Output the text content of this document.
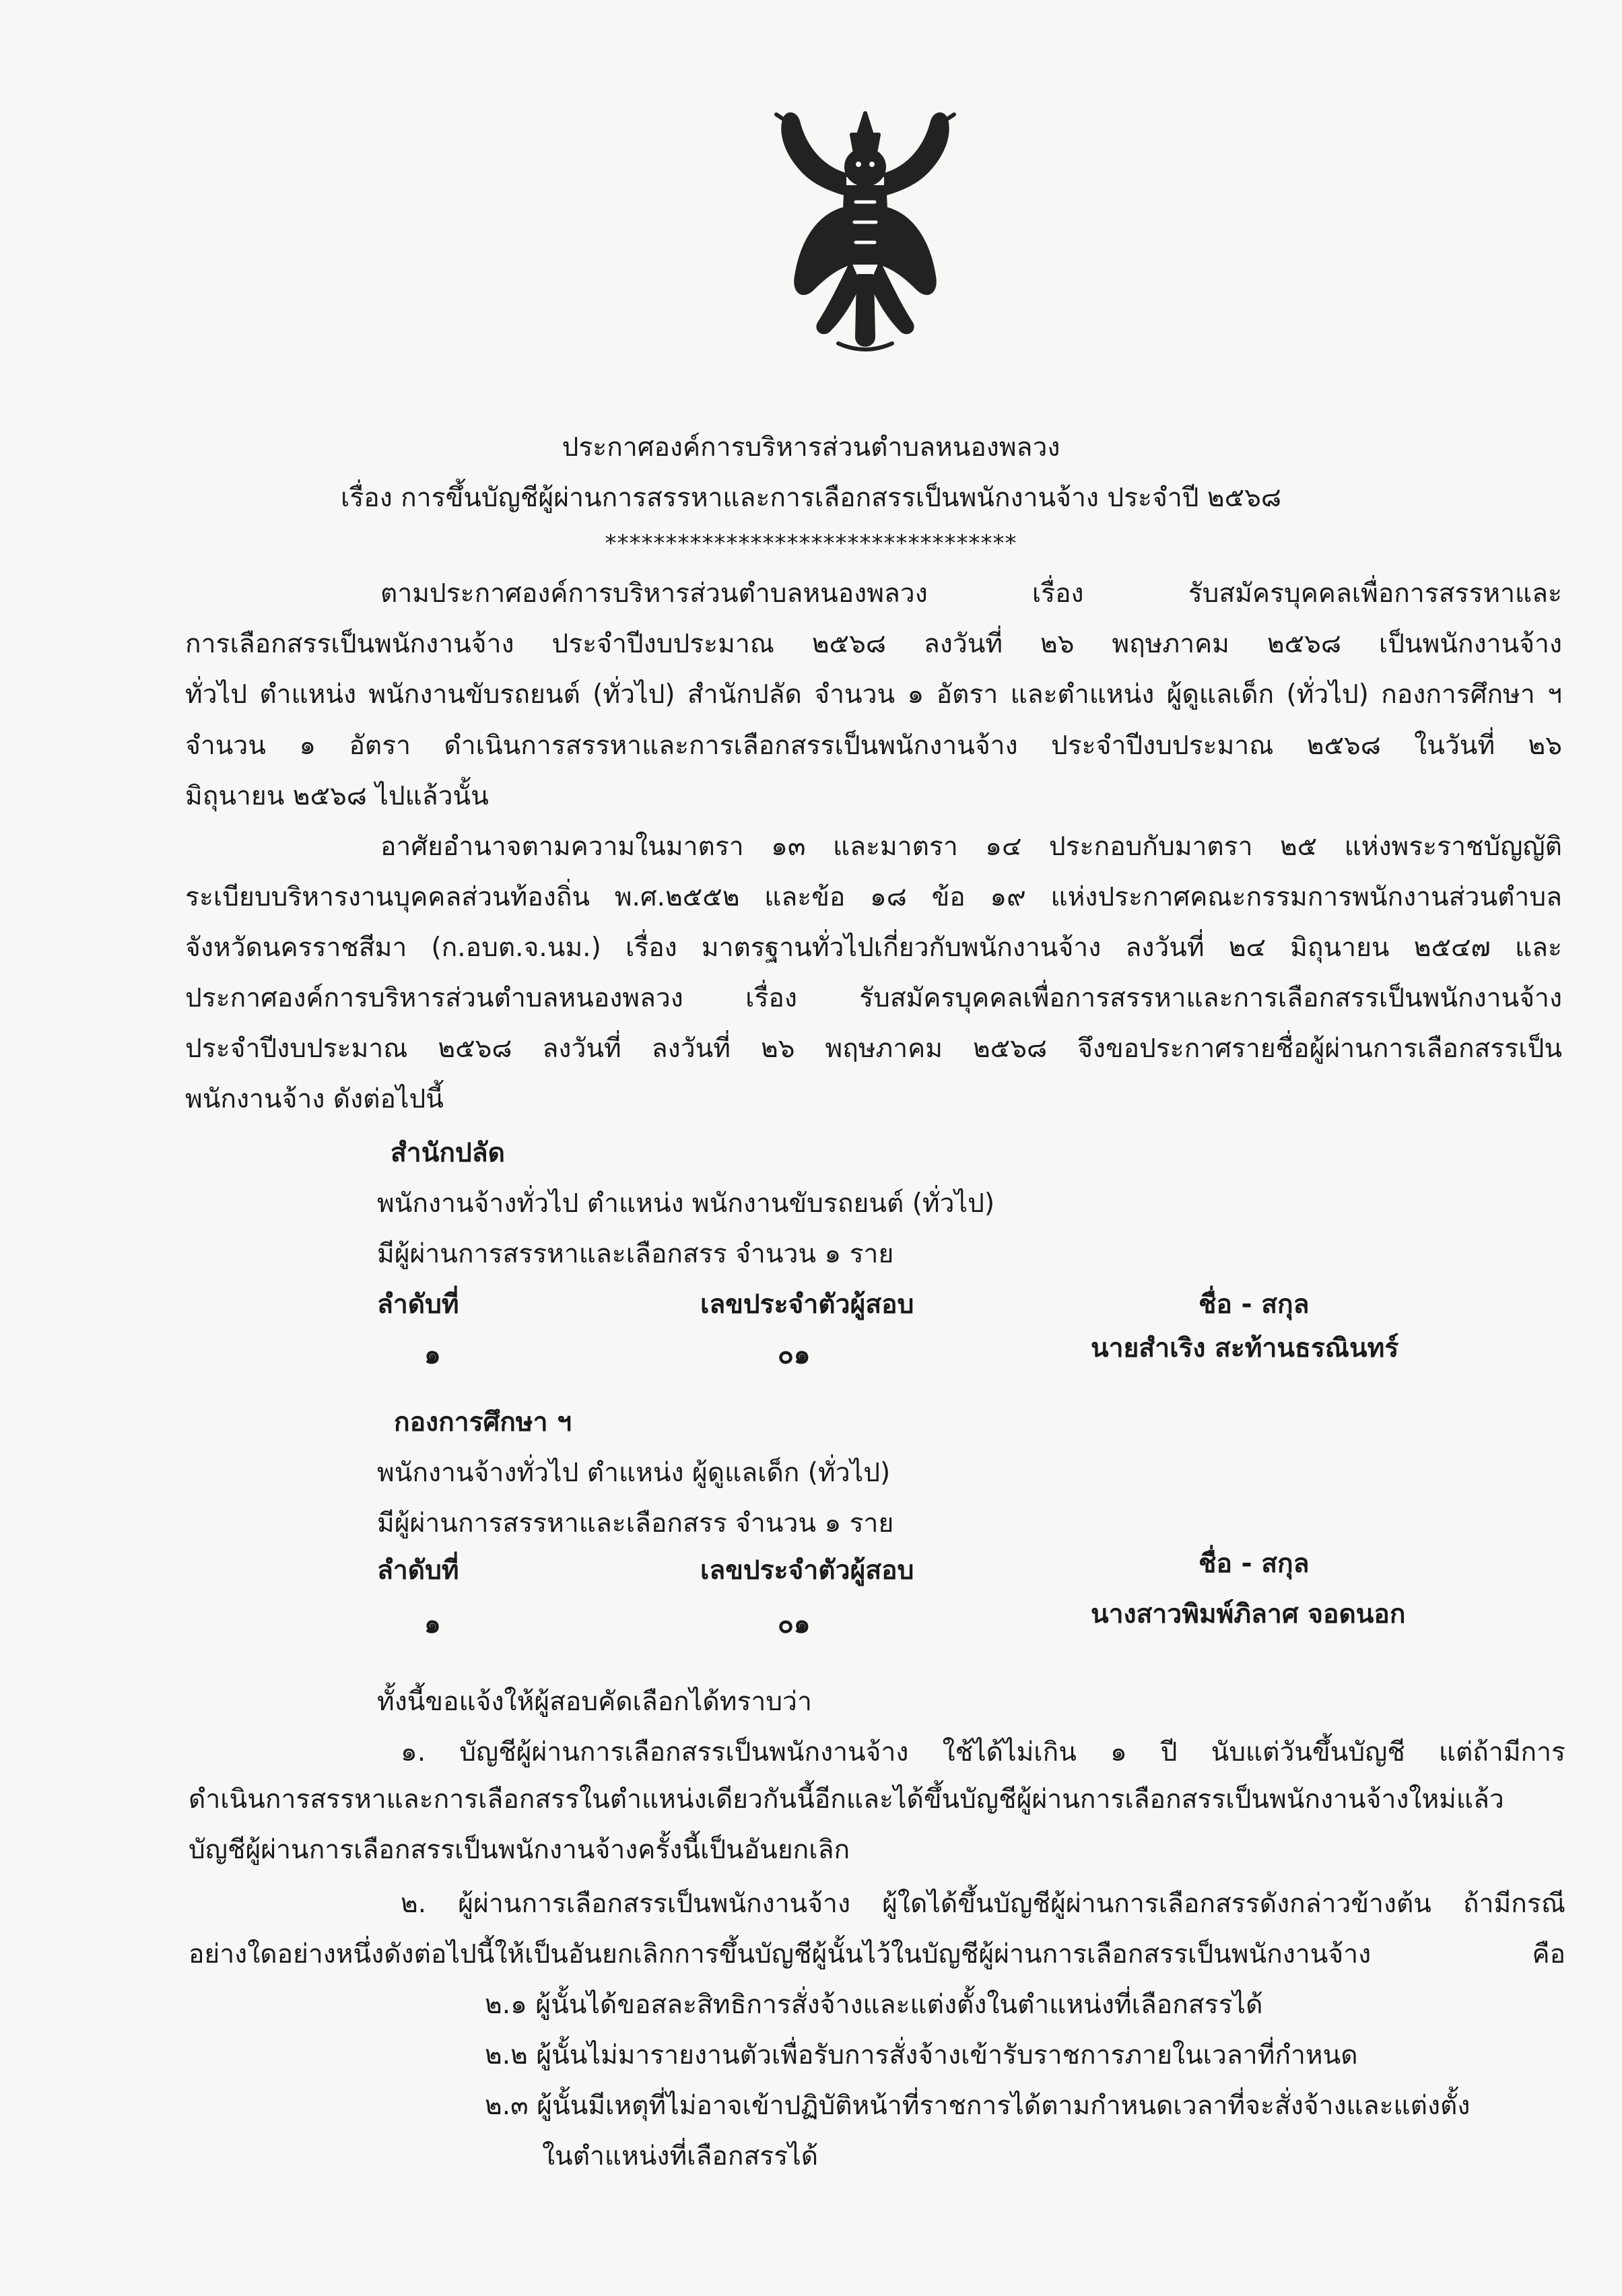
ประกาศองค์การบริหารส่วนตำบลหนองพลวง
เรื่อง การขึ้นบัญชีผู้ผ่านการสรรหาและการเลือกสรรเป็นพนักงานจ้าง ประจำปี ๒๕๖๘
**********************************
ตามประกาศองค์การบริหารส่วนตำบลหนองพลวง เรื่อง รับสมัครบุคคลเพื่อการสรรหาและ
การเลือกสรรเป็นพนักงานจ้าง ประจำปีงบประมาณ ๒๕๖๘ ลงวันที่ ๒๖ พฤษภาคม ๒๕๖๘ เป็นพนักงานจ้าง
ทั่วไป ตำแหน่ง พนักงานขับรถยนต์ (ทั่วไป) สำนักปลัด จำนวน ๑ อัตรา และตำแหน่ง ผู้ดูแลเด็ก (ทั่วไป) กองการศึกษา ฯ
จำนวน ๑ อัตรา ดำเนินการสรรหาและการเลือกสรรเป็นพนักงานจ้าง ประจำปีงบประมาณ ๒๕๖๘ ในวันที่ ๒๖
มิถุนายน ๒๕๖๘ ไปแล้วนั้น
อาศัยอำนาจตามความในมาตรา ๑๓ และมาตรา ๑๔ ประกอบกับมาตรา ๒๕ แห่งพระราชบัญญัติ
ระเบียบบริหารงานบุคคลส่วนท้องถิ่น พ.ศ.๒๕๕๒ และข้อ ๑๘ ข้อ ๑๙ แห่งประกาศคณะกรรมการพนักงานส่วนตำบล
จังหวัดนครราชสีมา (ก.อบต.จ.นม.) เรื่อง มาตรฐานทั่วไปเกี่ยวกับพนักงานจ้าง ลงวันที่ ๒๔ มิถุนายน ๒๕๔๗ และ
ประกาศองค์การบริหารส่วนตำบลหนองพลวง เรื่อง รับสมัครบุคคลเพื่อการสรรหาและการเลือกสรรเป็นพนักงานจ้าง
ประจำปีงบประมาณ ๒๕๖๘ ลงวันที่ ลงวันที่ ๒๖ พฤษภาคม ๒๕๖๘ จึงขอประกาศรายชื่อผู้ผ่านการเลือกสรรเป็น
พนักงานจ้าง ดังต่อไปนี้
สำนักปลัด
พนักงานจ้างทั่วไป ตำแหน่ง พนักงานขับรถยนต์ (ทั่วไป)
มีผู้ผ่านการสรรหาและเลือกสรร จำนวน ๑ ราย
ลำดับที่	เลขประจำตัวผู้สอบ	ชื่อ - สกุล
๑	๐๑	นายสำเริง สะท้านธรณินทร์
กองการศึกษา ฯ
พนักงานจ้างทั่วไป ตำแหน่ง ผู้ดูแลเด็ก (ทั่วไป)
มีผู้ผ่านการสรรหาและเลือกสรร จำนวน ๑ ราย
ลำดับที่	เลขประจำตัวผู้สอบ	ชื่อ - สกุล
๑	๐๑	นางสาวพิมพ์ภิลาศ จอดนอก
ทั้งนี้ขอแจ้งให้ผู้สอบคัดเลือกได้ทราบว่า
๑. บัญชีผู้ผ่านการเลือกสรรเป็นพนักงานจ้าง ใช้ได้ไม่เกิน ๑ ปี นับแต่วันขึ้นบัญชี แต่ถ้ามีการ
ดำเนินการสรรหาและการเลือกสรรในตำแหน่งเดียวกันนี้อีกและได้ขึ้นบัญชีผู้ผ่านการเลือกสรรเป็นพนักงานจ้างใหม่แล้ว
บัญชีผู้ผ่านการเลือกสรรเป็นพนักงานจ้างครั้งนี้เป็นอันยกเลิก
๒. ผู้ผ่านการเลือกสรรเป็นพนักงานจ้าง ผู้ใดได้ขึ้นบัญชีผู้ผ่านการเลือกสรรดังกล่าวข้างต้น ถ้ามีกรณี
อย่างใดอย่างหนึ่งดังต่อไปนี้ให้เป็นอันยกเลิกการขึ้นบัญชีผู้นั้นไว้ในบัญชีผู้ผ่านการเลือกสรรเป็นพนักงานจ้าง คือ
๒.๑ ผู้นั้นได้ขอสละสิทธิการสั่งจ้างและแต่งตั้งในตำแหน่งที่เลือกสรรได้
๒.๒ ผู้นั้นไม่มารายงานตัวเพื่อรับการสั่งจ้างเข้ารับราชการภายในเวลาที่กำหนด
๒.๓ ผู้นั้นมีเหตุที่ไม่อาจเข้าปฏิบัติหน้าที่ราชการได้ตามกำหนดเวลาที่จะสั่งจ้างและแต่งตั้ง
ในตำแหน่งที่เลือกสรรได้
